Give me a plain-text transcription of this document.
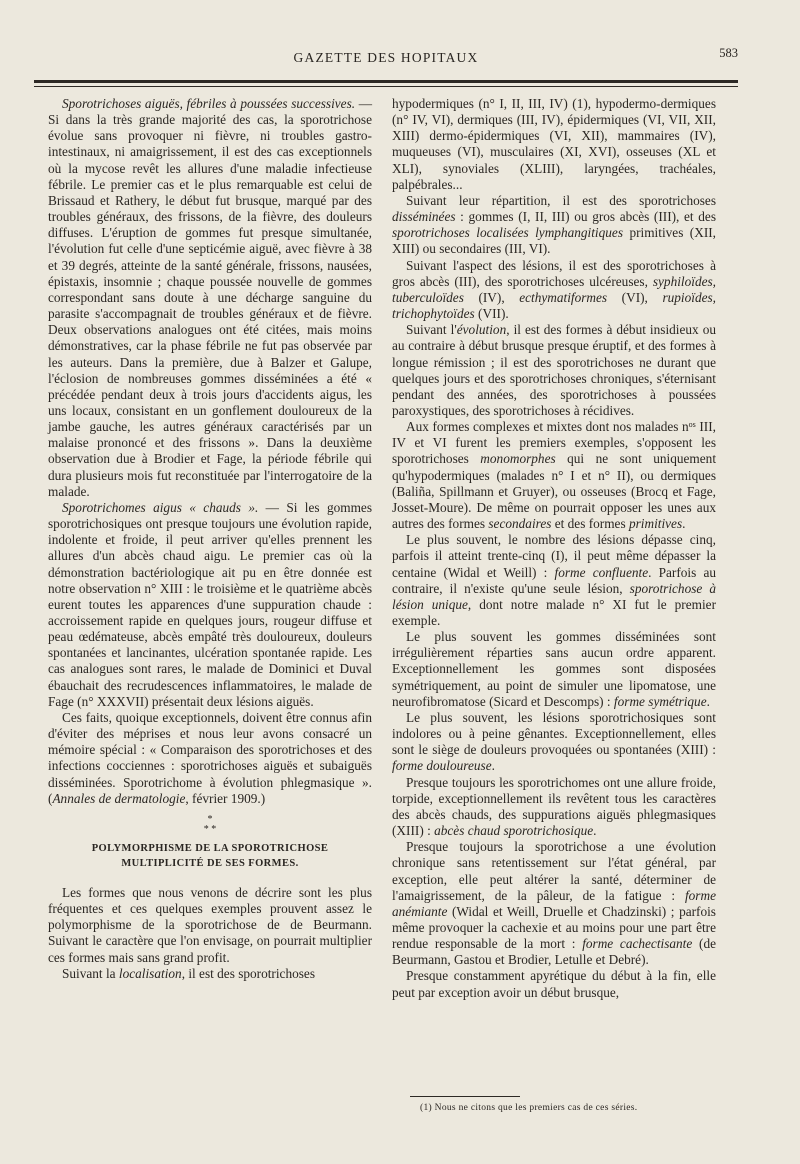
GAZETTE DES HOPITAUX	583

Sporotrichoses aiguës, fébriles à poussées successives. — Si dans la très grande majorité des cas, la sporotrichose évolue sans provoquer ni fièvre, ni troubles gastro-intestinaux, ni amaigrissement, il est des cas exceptionnels où la mycose revêt les allures d'une maladie infectieuse fébrile. Le premier cas et le plus remarquable est celui de Brissaud et Rathery, le début fut brusque, marqué par des troubles généraux, des frissons, de la fièvre, des douleurs diffuses. L'éruption de gommes fut presque simultanée, l'évolution fut celle d'une septicémie aiguë, avec fièvre à 38 et 39 degrés, atteinte de la santé générale, frissons, nausées, épistaxis, insomnie ; chaque poussée nouvelle de gommes correspondant sans doute à une décharge sanguine du parasite s'accompagnait de troubles généraux et de fièvre. Deux observations analogues ont été citées, mais moins démonstratives, car la phase fébrile ne fut pas observée par les auteurs. Dans la première, due à Balzer et Galupe, l'éclosion de nombreuses gommes disséminées a été « précédée pendant deux à trois jours d'accidents aigus, les uns locaux, consistant en un gonflement douloureux de la jambe gauche, les autres généraux caractérisés par un malaise prononcé et des frissons ». Dans la deuxième observation due à Brodier et Fage, la période fébrile qui dura plusieurs mois fut reconstituée par l'interrogatoire de la malade.

Sporotrichomes aigus « chauds ». — Si les gommes sporotrichosiques ont presque toujours une évolution rapide, indolente et froide, il peut arriver qu'elles prennent les allures d'un abcès chaud aigu. Le premier cas où la démonstration bactériologique ait pu en être donnée est notre observation n° XIII : le troisième et le quatrième abcès eurent toutes les apparences d'une suppuration chaude : accroissement rapide en quelques jours, rougeur diffuse et peau œdémateuse, abcès empâté très douloureux, douleurs spontanées et lancinantes, ulcération spontanée rapide. Les cas analogues sont rares, le malade de Dominici et Duval ébauchait des recrudescences inflammatoires, le malade de Fage (n° XXXVII) présentait deux lésions aiguës.

Ces faits, quoique exceptionnels, doivent être connus afin d'éviter des méprises et nous leur avons consacré un mémoire spécial : « Comparaison des sporotrichoses et des infections cocciennes : sporotrichoses aiguës et subaiguës disséminées. Sporotrichome à évolution phlegmasique ». (Annales de dermatologie, février 1909.)

*
* *
POLYMORPHISME DE LA SPOROTRICHOSE
MULTIPLICITÉ DE SES FORMES.

Les formes que nous venons de décrire sont les plus fréquentes et ces quelques exemples prouvent assez le polymorphisme de la sporotrichose de de Beurmann. Suivant le caractère que l'on envisage, on pourrait multiplier ces formes mais sans grand profit.

Suivant la localisation, il est des sporotrichoses

hypodermiques (n° I, II, III, IV) (1), hypodermo-dermiques (n° IV, VI), dermiques (III, IV), épidermiques (VI, VII, XII, XIII) dermo-épidermiques (VI, XII), mammaires (IV), muqueuses (VI), musculaires (XI, XVI), osseuses (XL et XLI), synoviales (XLIII), laryngées, trachéales, palpébrales...

Suivant leur répartition, il est des sporotrichoses disséminées : gommes (I, II, III) ou gros abcès (III), et des sporotrichoses localisées lymphangitiques primitives (XII, XIII) ou secondaires (III, VI).

Suivant l'aspect des lésions, il est des sporotrichoses à gros abcès (III), des sporotrichoses ulcéreuses, syphiloïdes, tuberculoïdes (IV), ecthymatiformes (VI), rupioïdes, trichophytoïdes (VII).

Suivant l'évolution, il est des formes à début insidieux ou au contraire à début brusque presque éruptif, et des formes à longue rémission ; il est des sporotrichoses ne durant que quelques jours et des sporotrichoses chroniques, s'éternisant pendant des années, des sporotrichoses à poussées paroxystiques, des sporotrichoses à récidives.

Aux formes complexes et mixtes dont nos malades $n^{os}$ III, IV et VI furent les premiers exemples, s'opposent les sporotrichoses monomorphes qui ne sont uniquement qu'hypodermiques (malades n° I et n° II), ou dermiques (Baliña, Spillmann et Gruyer), ou osseuses (Brocq et Fage, Josset-Moure). De même on pourrait opposer les unes aux autres des formes secondaires et des formes primitives.

Le plus souvent, le nombre des lésions dépasse cinq, parfois il atteint trente-cinq (I), il peut même dépasser la centaine (Widal et Weill) : forme confluente. Parfois au contraire, il n'existe qu'une seule lésion, sporotrichose à lésion unique, dont notre malade n° XI fut le premier exemple.

Le plus souvent les gommes disséminées sont irrégulièrement réparties sans aucun ordre apparent. Exceptionnellement les gommes sont disposées symétriquement, au point de simuler une lipomatose, une neurofibromatose (Sicard et Descomps) : forme symétrique.

Le plus souvent, les lésions sporotrichosiques sont indolores ou à peine gênantes. Exceptionnellement, elles sont le siège de douleurs provoquées ou spontanées (XIII) : forme douloureuse.

Presque toujours les sporotrichomes ont une allure froide, torpide, exceptionnellement ils revêtent tous les caractères des abcès chauds, des suppurations aiguës phlegmasiques (XIII) : abcès chaud sporotrichosique.

Presque toujours la sporotrichose a une évolution chronique sans retentissement sur l'état général, par exception, elle peut altérer la santé, déterminer de l'amaigrissement, de la pâleur, de la fatigue : forme anémiante (Widal et Weill, Druelle et Chadzinski) ; parfois même provoquer la cachexie et au moins pour une part être rendue responsable de la mort : forme cachectisante (de Beurmann, Gastou et Brodier, Letulle et Debré).

Presque constamment apyrétique du début à la fin, elle peut par exception avoir un début brusque,

(1) Nous ne citons que les premiers cas de ces séries.
